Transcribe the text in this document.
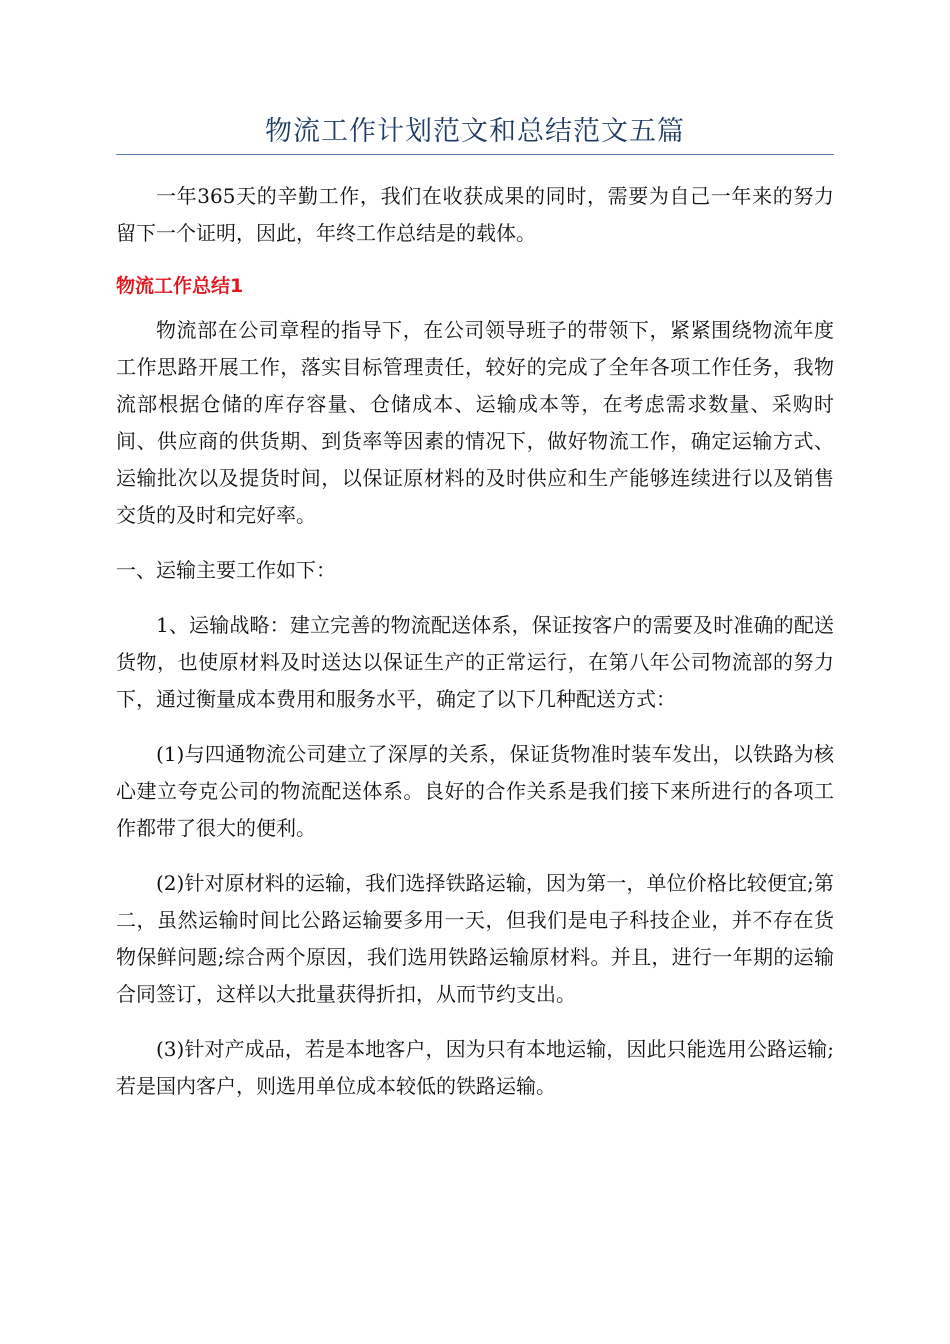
物流工作计划范文和总结范文五篇

一年365天的辛勤工作，我们在收获成果的同时，需要为自己一年来的努力留下一个证明，因此，年终工作总结是的载体。

物流工作总结1

物流部在公司章程的指导下，在公司领导班子的带领下，紧紧围绕物流年度工作思路开展工作，落实目标管理责任，较好的完成了全年各项工作任务，我物流部根据仓储的库存容量、仓储成本、运输成本等，在考虑需求数量、采购时间、供应商的供货期、到货率等因素的情况下，做好物流工作，确定运输方式、运输批次以及提货时间，以保证原材料的及时供应和生产能够连续进行以及销售交货的及时和完好率。

一、运输主要工作如下：

1、运输战略：建立完善的物流配送体系，保证按客户的需要及时准确的配送货物，也使原材料及时送达以保证生产的正常运行，在第八年公司物流部的努力下，通过衡量成本费用和服务水平，确定了以下几种配送方式：

(1)与四通物流公司建立了深厚的关系，保证货物准时装车发出，以铁路为核心建立夸克公司的物流配送体系。良好的合作关系是我们接下来所进行的各项工作都带了很大的便利。

(2)针对原材料的运输，我们选择铁路运输，因为第一，单位价格比较便宜;第二，虽然运输时间比公路运输要多用一天，但我们是电子科技企业，并不存在货物保鲜问题;综合两个原因，我们选用铁路运输原材料。并且，进行一年期的运输合同签订，这样以大批量获得折扣，从而节约支出。

(3)针对产成品，若是本地客户，因为只有本地运输，因此只能选用公路运输;若是国内客户，则选用单位成本较低的铁路运输。
